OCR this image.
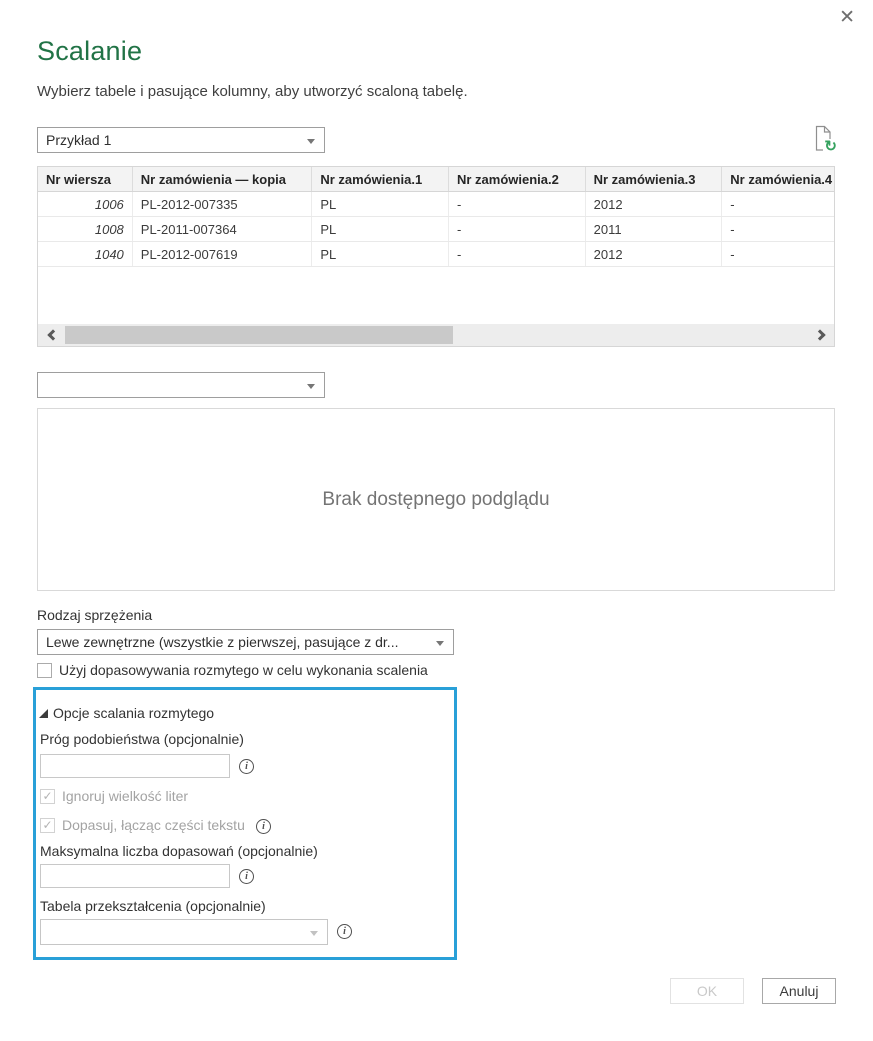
✕
Scalanie
Wybierz tabele i pasujące kolumny, aby utworzyć scaloną tabelę.
Przykład 1	↻
Nr wiersza	Nr zamówienia — kopia	Nr zamówienia.1	Nr zamówienia.2	Nr zamówienia.3	Nr zamówienia.4
1006	PL-2012-007335	PL	-	2012	-
1008	PL-2011-007364	PL	-	2011	-
1040	PL-2012-007619	PL	-	2012	-
Brak dostępnego podglądu
Rodzaj sprzężenia
Lewe zewnętrzne (wszystkie z pierwszej, pasujące z dr...
Użyj dopasowywania rozmytego w celu wykonania scalenia
Opcje scalania rozmytego
Próg podobieństwa (opcjonalnie)
i
✓ Ignoruj wielkość liter
✓ Dopasuj, łącząc części tekstu	i
Maksymalna liczba dopasowań (opcjonalnie)
i
Tabela przekształcenia (opcjonalnie)
i
OK	Anuluj
